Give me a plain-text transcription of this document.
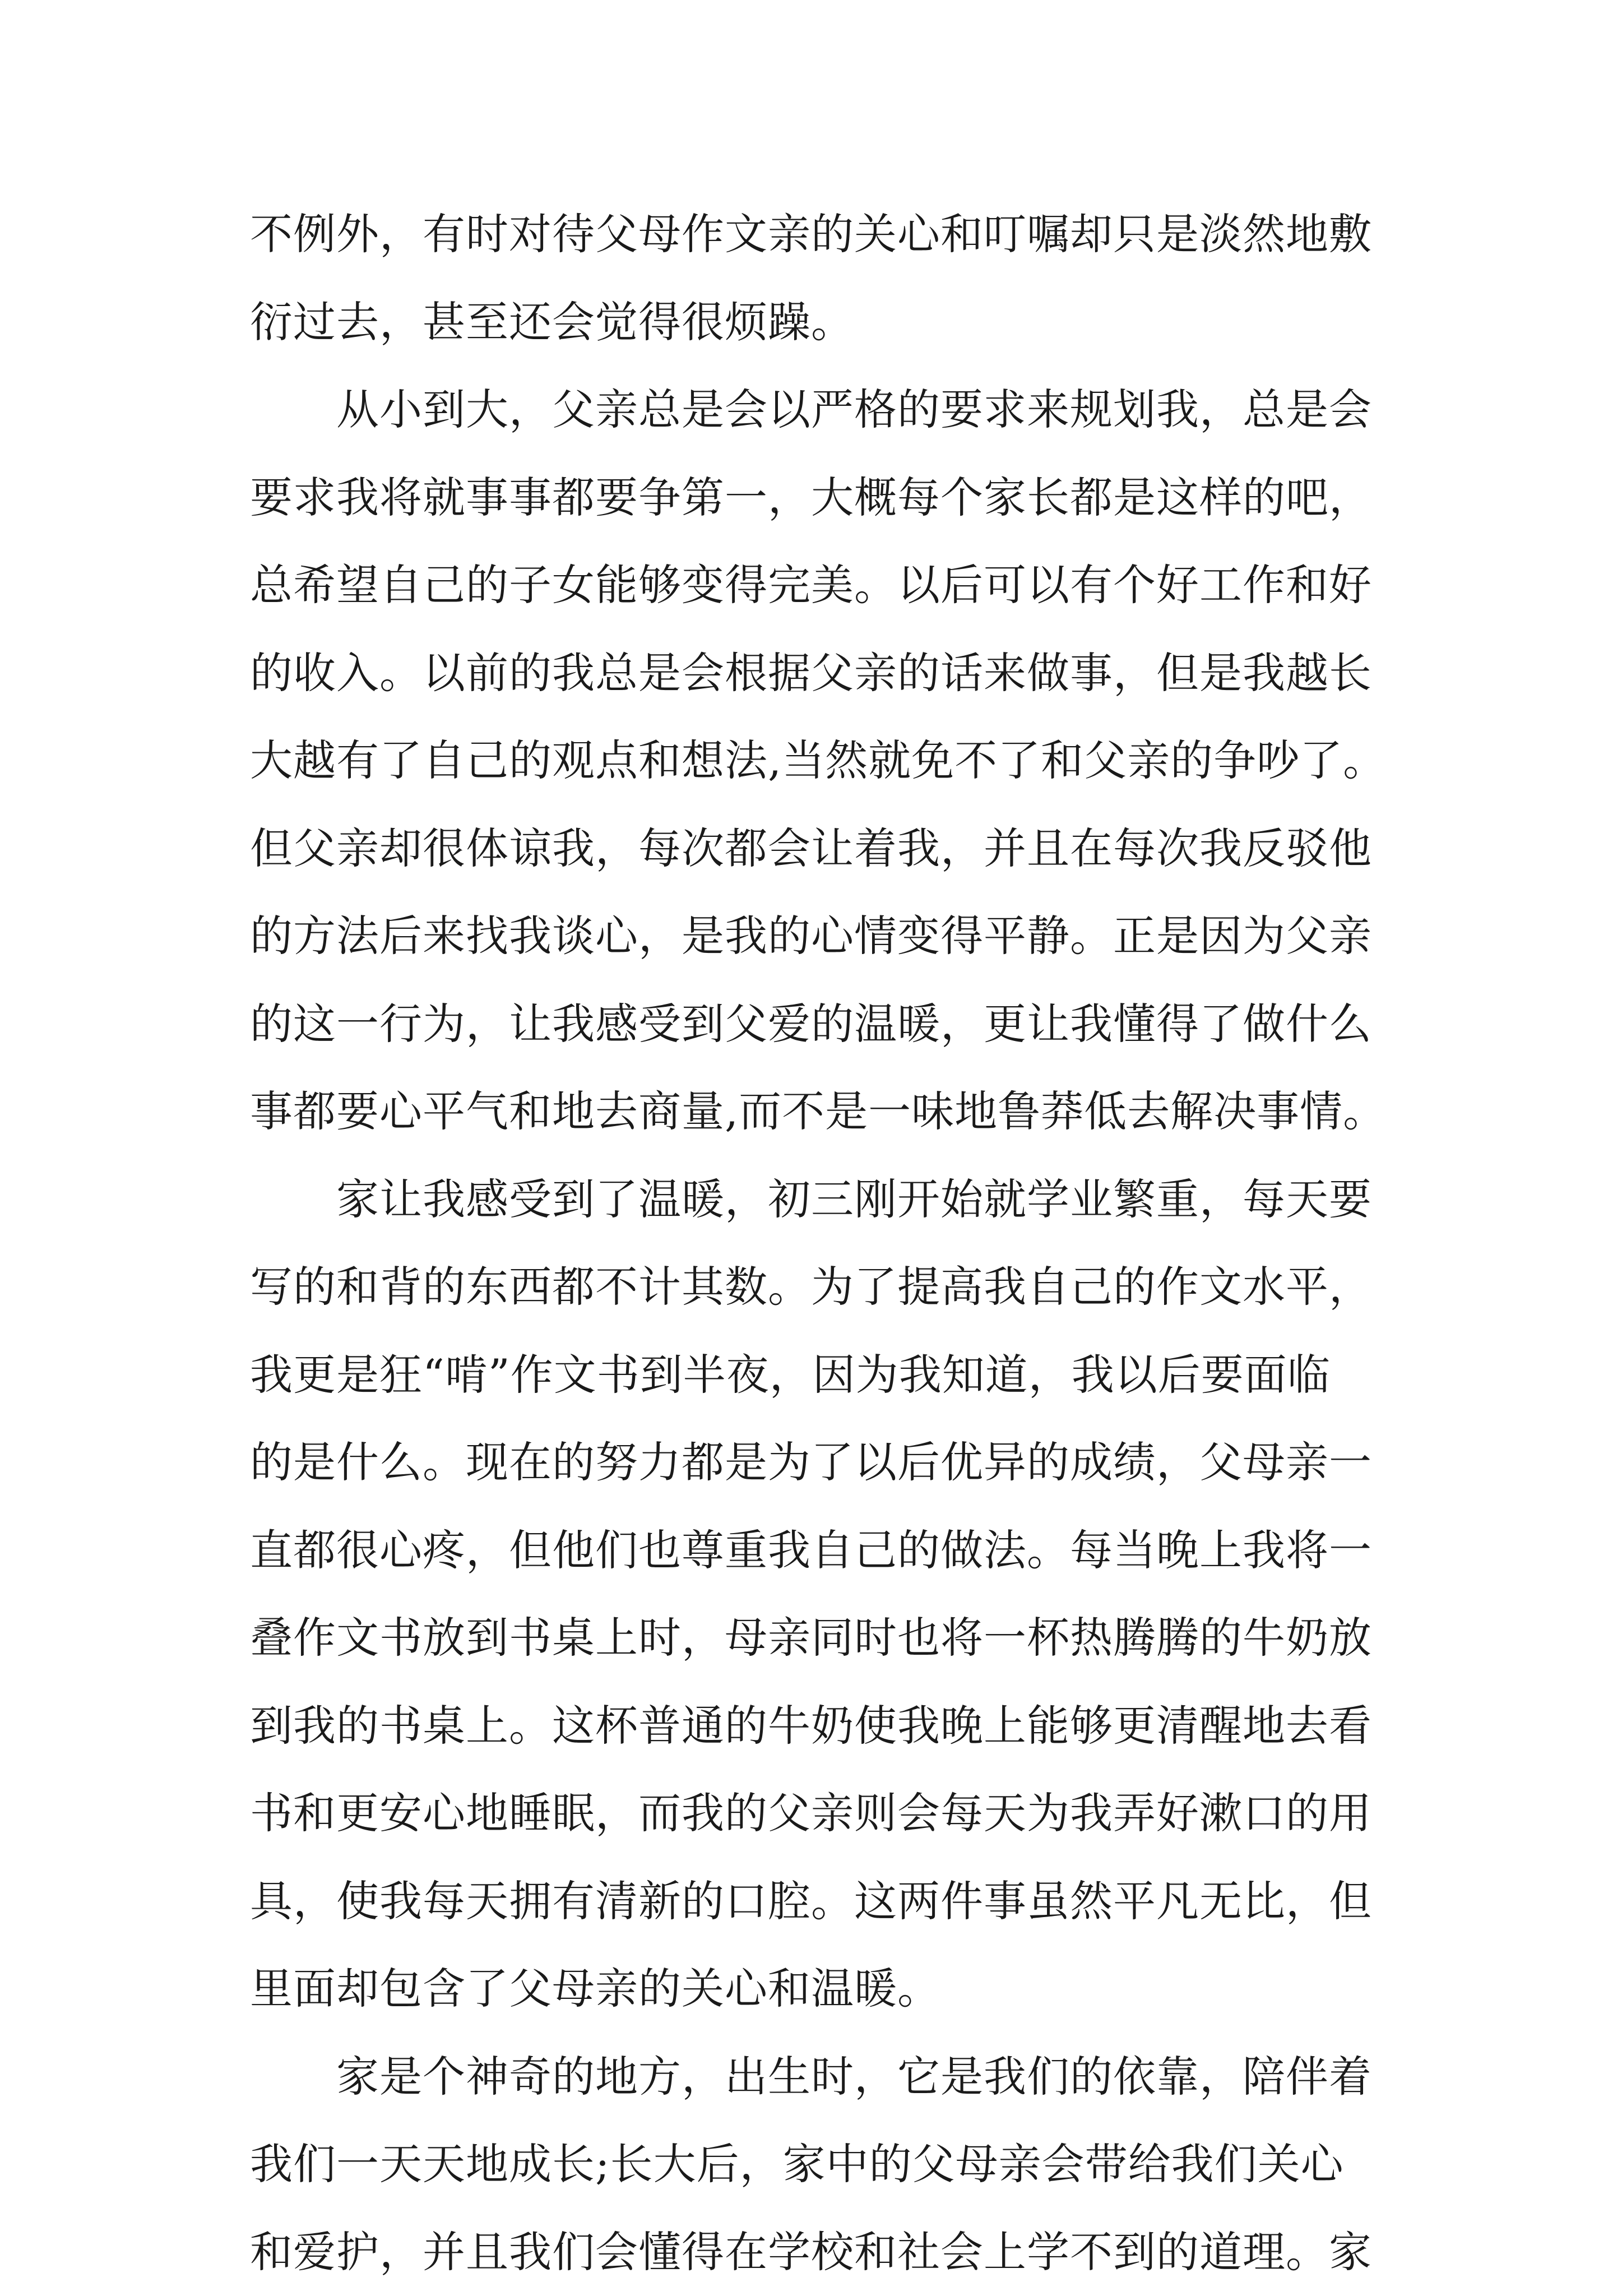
不例外，有时对待父母作文亲的关心和叮嘱却只是淡然地敷
衍过去，甚至还会觉得很烦躁。
　　从小到大，父亲总是会以严格的要求来规划我，总是会
要求我将就事事都要争第一，大概每个家长都是这样的吧，
总希望自己的子女能够变得完美。以后可以有个好工作和好
的收入。以前的我总是会根据父亲的话来做事，但是我越长
大越有了自己的观点和想法,当然就免不了和父亲的争吵了。
但父亲却很体谅我，每次都会让着我，并且在每次我反驳他
的方法后来找我谈心，是我的心情变得平静。正是因为父亲
的这一行为，让我感受到父爱的温暖，更让我懂得了做什么
事都要心平气和地去商量,而不是一味地鲁莽低去解决事情。
　　家让我感受到了温暖，初三刚开始就学业繁重，每天要
写的和背的东西都不计其数。为了提高我自己的作文水平，
我更是狂“啃”作文书到半夜，因为我知道，我以后要面临
的是什么。现在的努力都是为了以后优异的成绩，父母亲一
直都很心疼，但他们也尊重我自己的做法。每当晚上我将一
叠作文书放到书桌上时，母亲同时也将一杯热腾腾的牛奶放
到我的书桌上。这杯普通的牛奶使我晚上能够更清醒地去看
书和更安心地睡眠，而我的父亲则会每天为我弄好漱口的用
具，使我每天拥有清新的口腔。这两件事虽然平凡无比，但
里面却包含了父母亲的关心和温暖。
　　家是个神奇的地方，出生时，它是我们的依靠，陪伴着
我们一天天地成长;长大后，家中的父母亲会带给我们关心
和爱护，并且我们会懂得在学校和社会上学不到的道理。家
